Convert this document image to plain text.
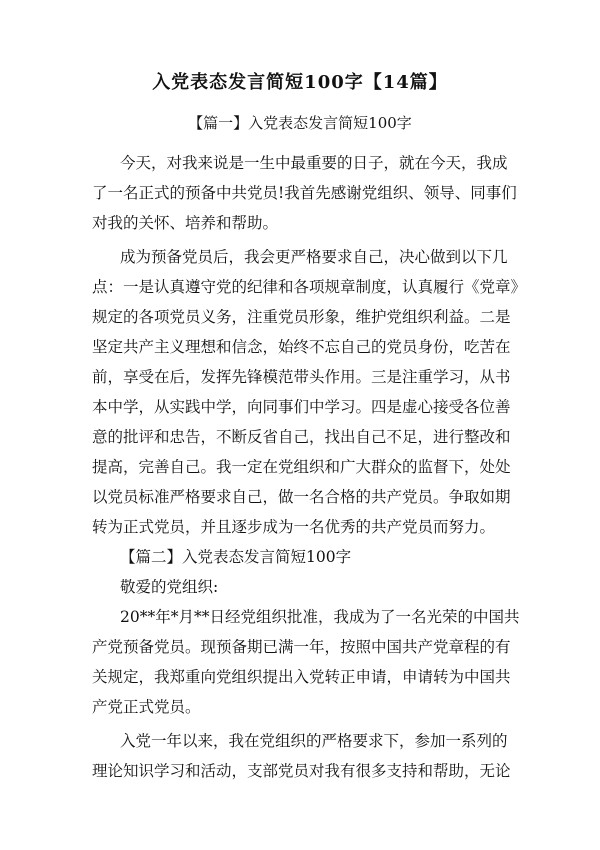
入党表态发言简短100字【14篇】
【篇一】入党表态发言简短100字
今天，对我来说是一生中最重要的日子，就在今天，我成
了一名正式的预备中共党员!我首先感谢党组织、领导、同事们
对我的关怀、培养和帮助。
成为预备党员后，我会更严格要求自己，决心做到以下几
点：一是认真遵守党的纪律和各项规章制度，认真履行《党章》
规定的各项党员义务，注重党员形象，维护党组织利益。二是
坚定共产主义理想和信念，始终不忘自己的党员身份，吃苦在
前，享受在后，发挥先锋模范带头作用。三是注重学习，从书
本中学，从实践中学，向同事们中学习。四是虚心接受各位善
意的批评和忠告，不断反省自己，找出自己不足，进行整改和
提高，完善自己。我一定在党组织和广大群众的监督下，处处
以党员标准严格要求自己，做一名合格的共产党员。争取如期
转为正式党员，并且逐步成为一名优秀的共产党员而努力。
【篇二】入党表态发言简短100字
敬爱的党组织:
20**年*月**日经党组织批准，我成为了一名光荣的中国共
产党预备党员。现预备期已满一年，按照中国共产党章程的有
关规定，我郑重向党组织提出入党转正申请，申请转为中国共
产党正式党员。
入党一年以来，我在党组织的严格要求下，参加一系列的
理论知识学习和活动，支部党员对我有很多支持和帮助，无论
